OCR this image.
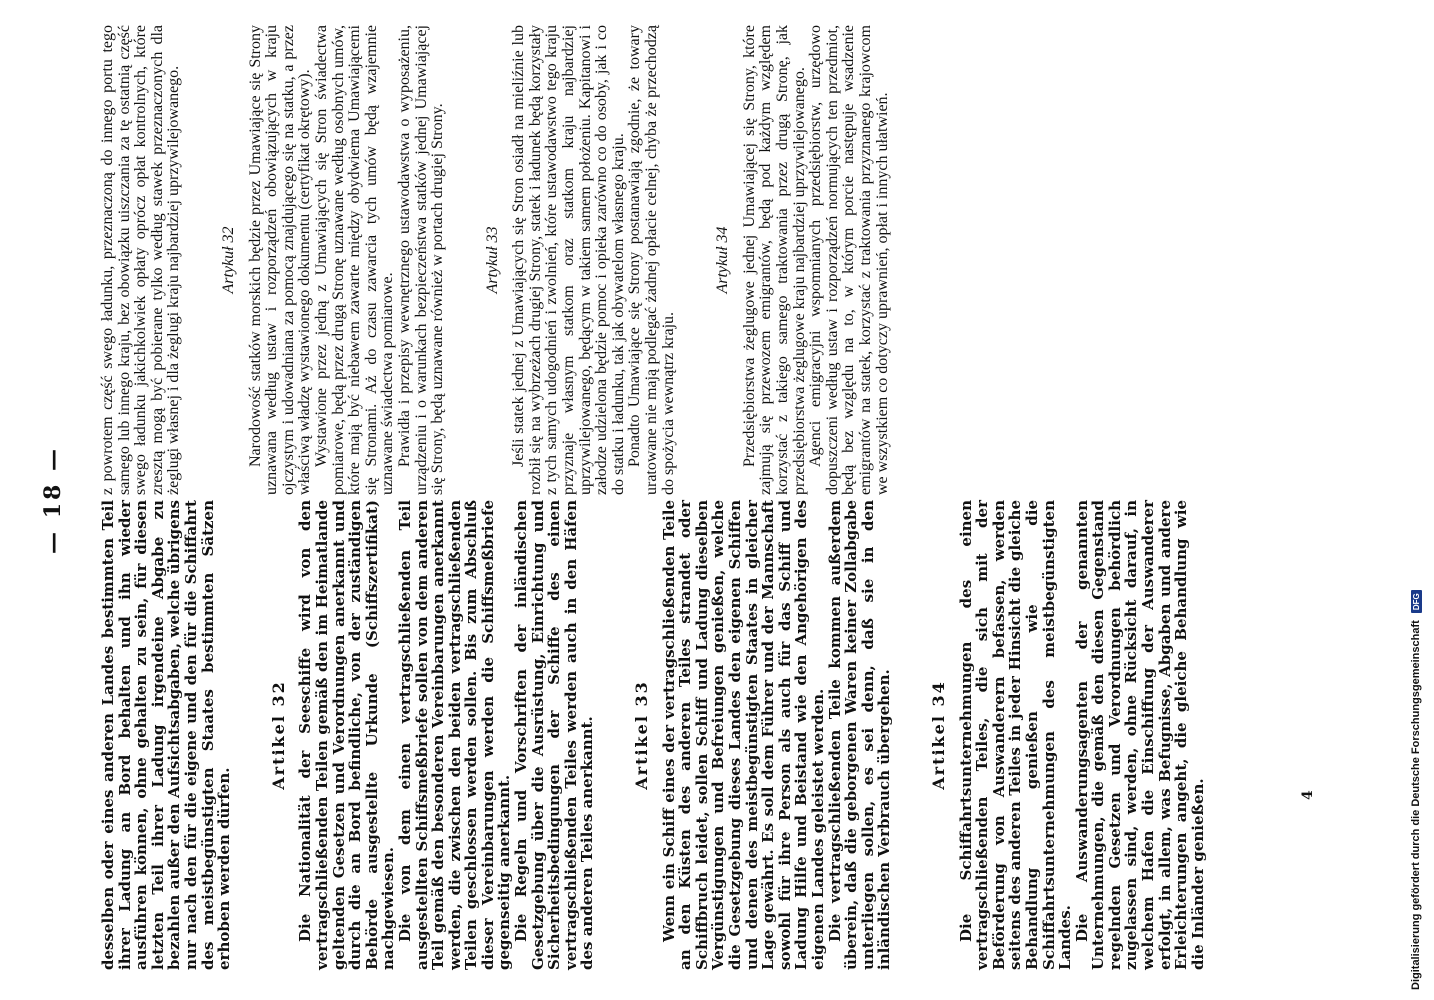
desselben oder eines anderen Landes bestimmten Teil ihrer Ladung an Bord behalten und ihn wieder ausführen können, ohne gehalten zu sein, für diesen letzten Teil ihrer Ladung irgendeine Abgabe zu bezahlen außer den Aufsichtsabgaben, welche übrigens nur nach den für die eigene und den für die Schiffahrt des meistbegünstigten Staates bestimmten Sätzen erhoben werden dürfen.

Artikel 32 Die Nationalität der Seeschiffe wird von den vertragschließenden Teilen gemäß den im Heimatlande geltenden Gesetzen und Verordnungen anerkannt und durch die an Bord befindliche, von der zuständigen Behörde ausgestellte Urkunde (Schiffszertifikat) nachgewiesen.

Die von dem einen vertragschließenden Teil ausgestellten Schiffsmeßbriefe sollen von dem anderen Teil gemäß den besonderen Vereinbarungen anerkannt werden, die zwischen den beiden vertragschließenden Teilen geschlossen werden sollen. Bis zum Abschluß dieser Vereinbarungen werden die Schiffsmeßbriefe gegenseitig anerkannt.

Die Regeln und Vorschriften der inländischen Gesetzgebung über die Ausrüstung, Einrichtung und Sicherheitsbedingungen der Schiffe des einen vertragschließenden Teiles werden auch in den Häfen des anderen Teiles anerkannt. Artikel 33 Wenn ein Schiff eines der vertragschließenden Teile an den Küsten des anderen Teiles strandet oder Schiffbruch leidet, sollen Schiff und Ladung dieselben Vergünstigungen und Befreiungen genießen, welche die Gesetzgebung dieses Landes den eigenen Schiffen und denen des meistbegünstigten Staates in gleicher Lage gewährt. Es soll dem Führer und der Mannschaft sowohl für ihre Person als auch für das Schiff und Ladung Hilfe und Beistand wie den Angehörigen des eigenen Landes geleistet werden.

Die vertragschließenden Teile kommen außerdem überein, daß die geborgenen Waren keiner Zollabgabe unterliegen sollen, es sei denn, daß sie in den inländischen Verbrauch übergehen. Artikel 34 Die Schiffahrtsunternehmungen des einen vertragschließenden Teiles, die sich mit der Beförderung von Auswanderern befassen, werden seitens des anderen Teiles in jeder Hinsicht die gleiche Behandlung genießen wie die Schiffahrtsunternehmungen des meistbegünstigten Landes.

Die Auswanderungsagenten der genannten Unternehmungen, die gemäß den diesen Gegenstand regelnden Gesetzen und Verordnungen behördlich zugelassen sind, werden, ohne Rücksicht darauf, in welchem Hafen die Einschiffung der Auswanderer erfolgt, in allem, was Befugnisse, Abgaben und andere Erleichterungen angeht, die gleiche Behandlung wie die Inländer genießen.

z powrotem część swego ładunku, przeznaczoną do innego portu tego samego lub innego kraju, bez obowiązku uiszczania za tę ostatnią część swego ładunku jakichkolwiek opłaty oprócz opłat kontrolnych, które zresztą mogą być pobierane tylko według stawek przeznaczonych dla żeglugi własnej i dla żeglugi kraju najbardziej uprzywilejowanego. Artykuł 32 Narodowość statków morskich będzie przez Umawiające się Strony uznawana według ustaw i rozporządzeń obowiązujących w kraju ojczystym i udowadniana za pomocą znajdującego się na statku, a przez właściwą władzę wystawionego dokumentu (certyfikat okrętowy). Wystawione przez jedną z Umawiających się Stron świadectwa pomiarowe, będą przez drugą Stronę uznawane według osobnych umów, które mają być niebawem zawarte między obydwiema Umawiającemi się Stronami. Aż do czasu zawarcia tych umów będą wzajemnie uznawane świadectwa pomiarowe. Prawidła i przepisy wewnętrznego ustawodawstwa o wyposażeniu, urządzeniu i o warunkach bezpieczeństwa statków jednej Umawiającej się Strony, będą uznawane również w portach drugiej Strony. Artykuł 33 Jeśli statek jednej z Umawiających się Stron osiadł na mieliźnie lub rozbił się na wybrzeżach drugiej Strony, statek i ładunek będą korzystały z tych samych udogodnień i zwolnień, które ustawodawstwo tego kraju przyznaje własnym statkom oraz statkom kraju najbardziej uprzywilejowanego, będącym w takiem samem położeniu. Kapitanowi i załodze udzielona będzie pomoc i opieka zarówno co do osoby, jak i co do statku i ładunku, tak jak obywatelom własnego kraju. Ponadto Umawiające się Strony postanawiają zgodnie, że towary uratowane nie mają podlegać żadnej opłacie celnej, chyba że przechodzą do spożycia wewnątrz kraju.

Artykuł 34 Przedsiębiorstwa żeglugowe jednej Umawiającej się Strony, które zajmują się przewozem emigrantów, będą pod każdym względem korzystać z takiego samego traktowania przez drugą Stronę, jak przedsiębiorstwa żeglugowe kraju najbardziej uprzywilejowanego. Agenci emigracyjni wspomnianych przedsiębiorstw, urzędowo dopuszczeni według ustaw i rozporządzeń normujących ten przedmiot, będą bez względu na to, w którym porcie następuje wsadzenie emigrantów na statek, korzystać z traktowania przyznanego krajowcom we wszystkiem co dotyczy uprawnień, opłat i innych ułatwień.

— 18 —
4	Digitalisierung gefördert durch die Deutsche Forschungsgemeinschaft DFG
